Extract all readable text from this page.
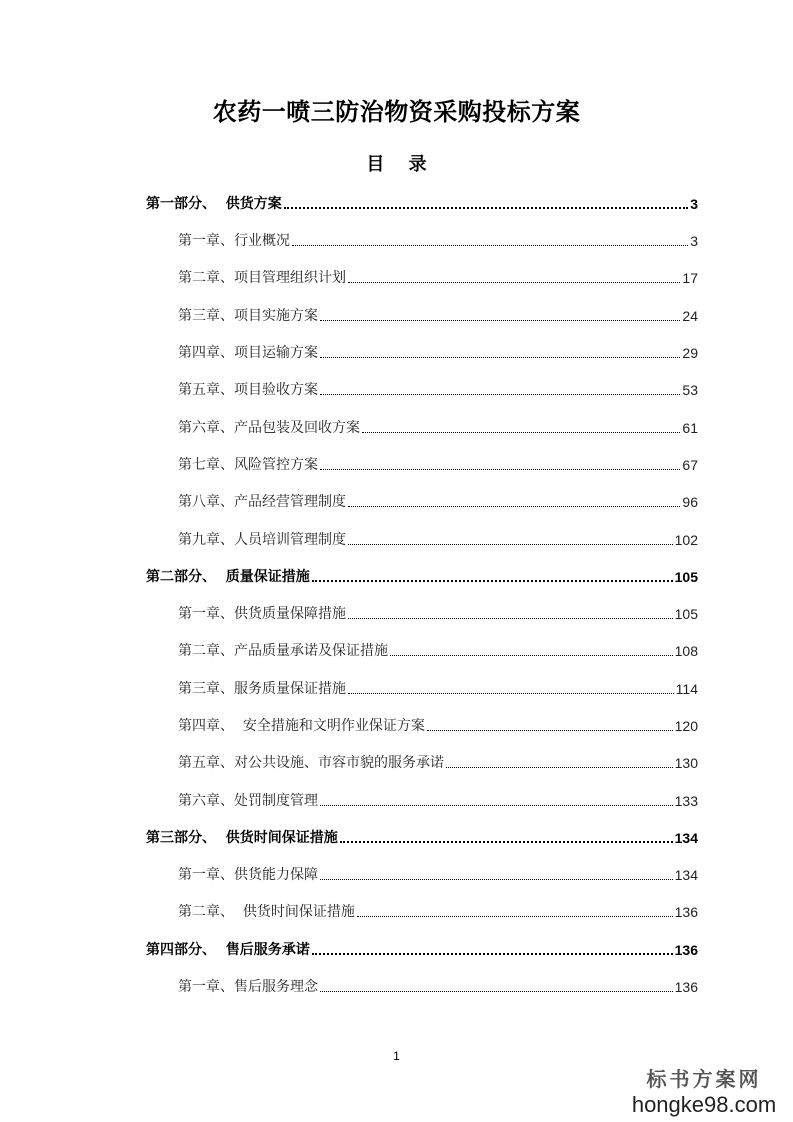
农药一喷三防治物资采购投标方案
目 录
第一部分、  供货方案	3
第一章、行业概况	3
第二章、项目管理组织计划	17
第三章、项目实施方案	24
第四章、项目运输方案	29
第五章、项目验收方案	53
第六章、产品包装及回收方案	61
第七章、风险管控方案	67
第八章、产品经营管理制度	96
第九章、人员培训管理制度	102
第二部分、  质量保证措施	105
第一章、供货质量保障措施	105
第二章、产品质量承诺及保证措施	108
第三章、服务质量保证措施	114
第四章、  安全措施和文明作业保证方案	120
第五章、对公共设施、市容市貌的服务承诺	130
第六章、处罚制度管理	133
第三部分、  供货时间保证措施	134
第一章、供货能力保障	134
第二章、  供货时间保证措施	136
第四部分、  售后服务承诺	136
第一章、售后服务理念	136
1
标书方案网
hongke98.com
